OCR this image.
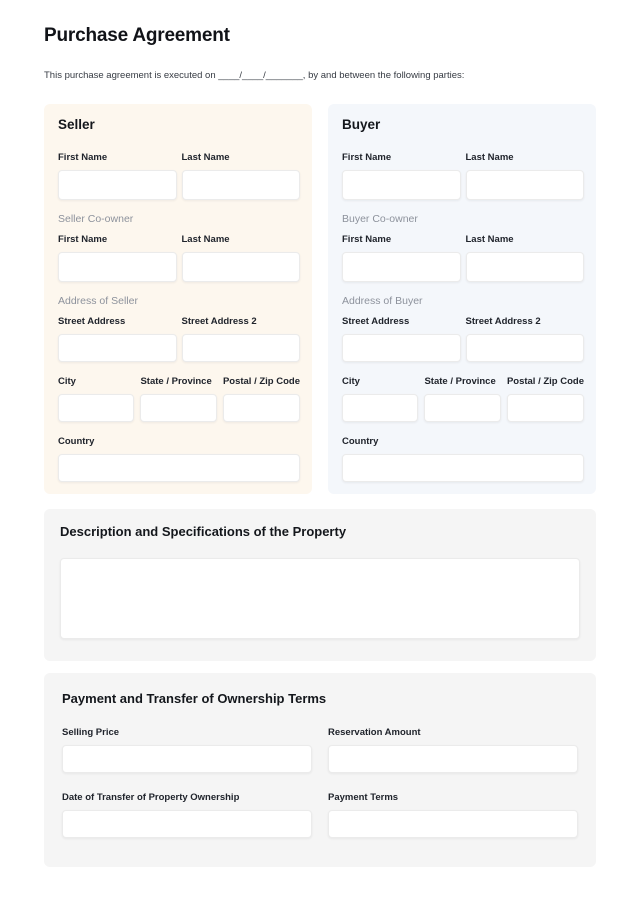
Purchase Agreement

This purchase agreement is executed on ____/____/_______, by and between the following parties:

Seller
First Name	Last Name
Seller Co-owner
First Name	Last Name
Address of Seller
Street Address	Street Address 2
City	State / Province	Postal / Zip Code
Country
Buyer
First Name	Last Name
Buyer Co-owner
First Name	Last Name
Address of Buyer
Street Address	Street Address 2
City	State / Province	Postal / Zip Code
Country
Description and Specifications of the Property
Payment and Transfer of Ownership Terms
Selling Price	Reservation Amount
Date of Transfer of Property Ownership	Payment Terms
